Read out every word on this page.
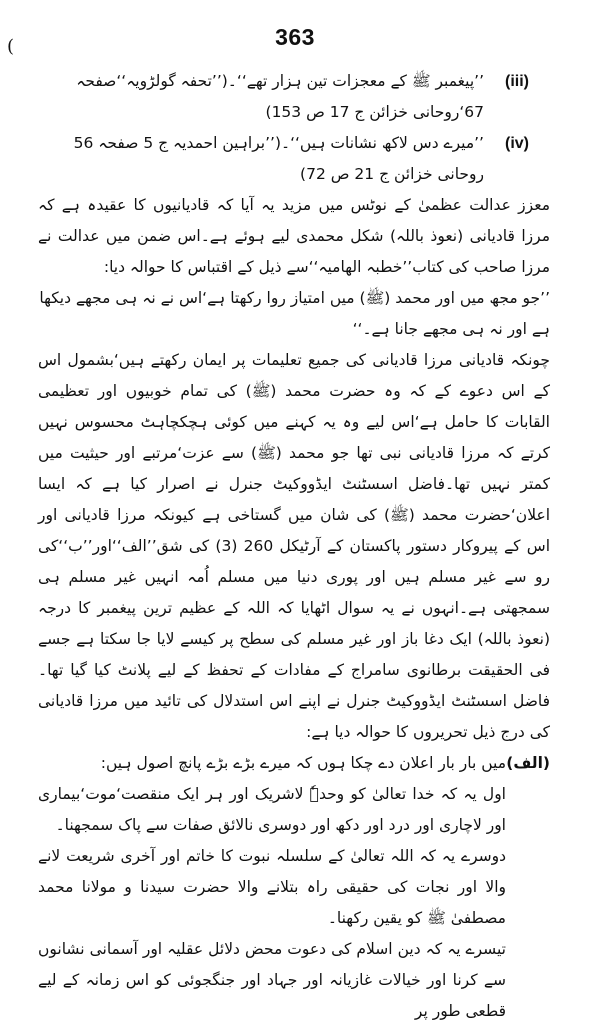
(	363
(iii)
’’پیغمبر ﷺ کے معجزات تین ہزار تھے‘‘۔(’’تحفہ گولڑویہ‘‘صفحہ 67‘روحانی خزائن ج 17 ص 153)
(iv)
’’میرے دس لاکھ نشانات ہیں‘‘۔(’’براہین احمدیہ ج 5 صفحہ 56 روحانی خزائن ج 21 ص 72)

معزز عدالت عظمیٰ کے نوٹس میں مزید یہ آیا کہ قادیانیوں کا عقیدہ ہے کہ مرزا قادیانی (نعوذ باللہ) شکل محمدی لیے ہوئے ہے۔اس ضمن میں عدالت نے مرزا صاحب کی کتاب’’خطبہ الھامیہ‘‘سے ذیل کے اقتباس کا حوالہ دیا:

’’جو مجھ میں اور محمد (ﷺ) میں امتیاز روا رکھتا ہے‘اس نے نہ ہی مجھے دیکھا ہے اور نہ ہی مجھے جانا ہے۔‘‘

چونکہ قادیانی مرزا قادیانی کی جمیع تعلیمات پر ایمان رکھتے ہیں‘بشمول اس کے اس دعوے کے کہ وہ حضرت محمد (ﷺ) کی تمام خوبیوں اور تعظیمی القابات کا حامل ہے‘اس لیے وہ یہ کہنے میں کوئی ہچکچاہٹ محسوس نہیں کرتے کہ مرزا قادیانی نبی تھا جو محمد (ﷺ) سے عزت‘مرتبے اور حیثیت میں کمتر نہیں تھا۔فاضل اسسٹنٹ ایڈووکیٹ جنرل نے اصرار کیا ہے کہ ایسا اعلان‘حضرت محمد (ﷺ) کی شان میں گستاخی ہے کیونکہ مرزا قادیانی اور اس کے پیروکار دستور پاکستان کے آرٹیکل 260 (3) کی شق’’الف‘‘اور’’ب‘‘کی رو سے غیر مسلم ہیں اور پوری دنیا میں مسلم اُمہ انہیں غیر مسلم ہی سمجھتی ہے۔انہوں نے یہ سوال اٹھایا کہ اللہ کے عظیم ترین پیغمبر کا درجہ (نعوذ باللہ) ایک دغا باز اور غیر مسلم کی سطح پر کیسے لایا جا سکتا ہے جسے فی الحقیقت برطانوی سامراج کے مفادات کے تحفظ کے لیے پلانٹ کیا گیا تھا۔فاضل اسسٹنٹ ایڈووکیٹ جنرل نے اپنے اس استدلال کی تائید میں مرزا قادیانی کی درج ذیل تحریروں کا حوالہ دیا ہے:

(الف)

میں بار بار اعلان دے چکا ہوں کہ میرے بڑے بڑے پانچ اصول ہیں:

اول یہ کہ خدا تعالیٰ کو وحدہٗ لاشریک اور ہر ایک منقصت‘موت‘بیماری اور لاچاری اور درد اور دکھ اور دوسری نالائق صفات سے پاک سمجھنا۔

دوسرے یہ کہ اللہ تعالیٰ کے سلسلہ نبوت کا خاتم اور آخری شریعت لانے والا اور نجات کی حقیقی راہ بتلانے والا حضرت سیدنا و مولانا محمد مصطفیٰ ﷺ کو یقین رکھنا۔

تیسرے یہ کہ دین اسلام کی دعوت محض دلائل عقلیہ اور آسمانی نشانوں سے کرنا اور خیالات غازیانہ اور جہاد اور جنگجوئی کو اس زمانہ کے لیے قطعی طور پر
